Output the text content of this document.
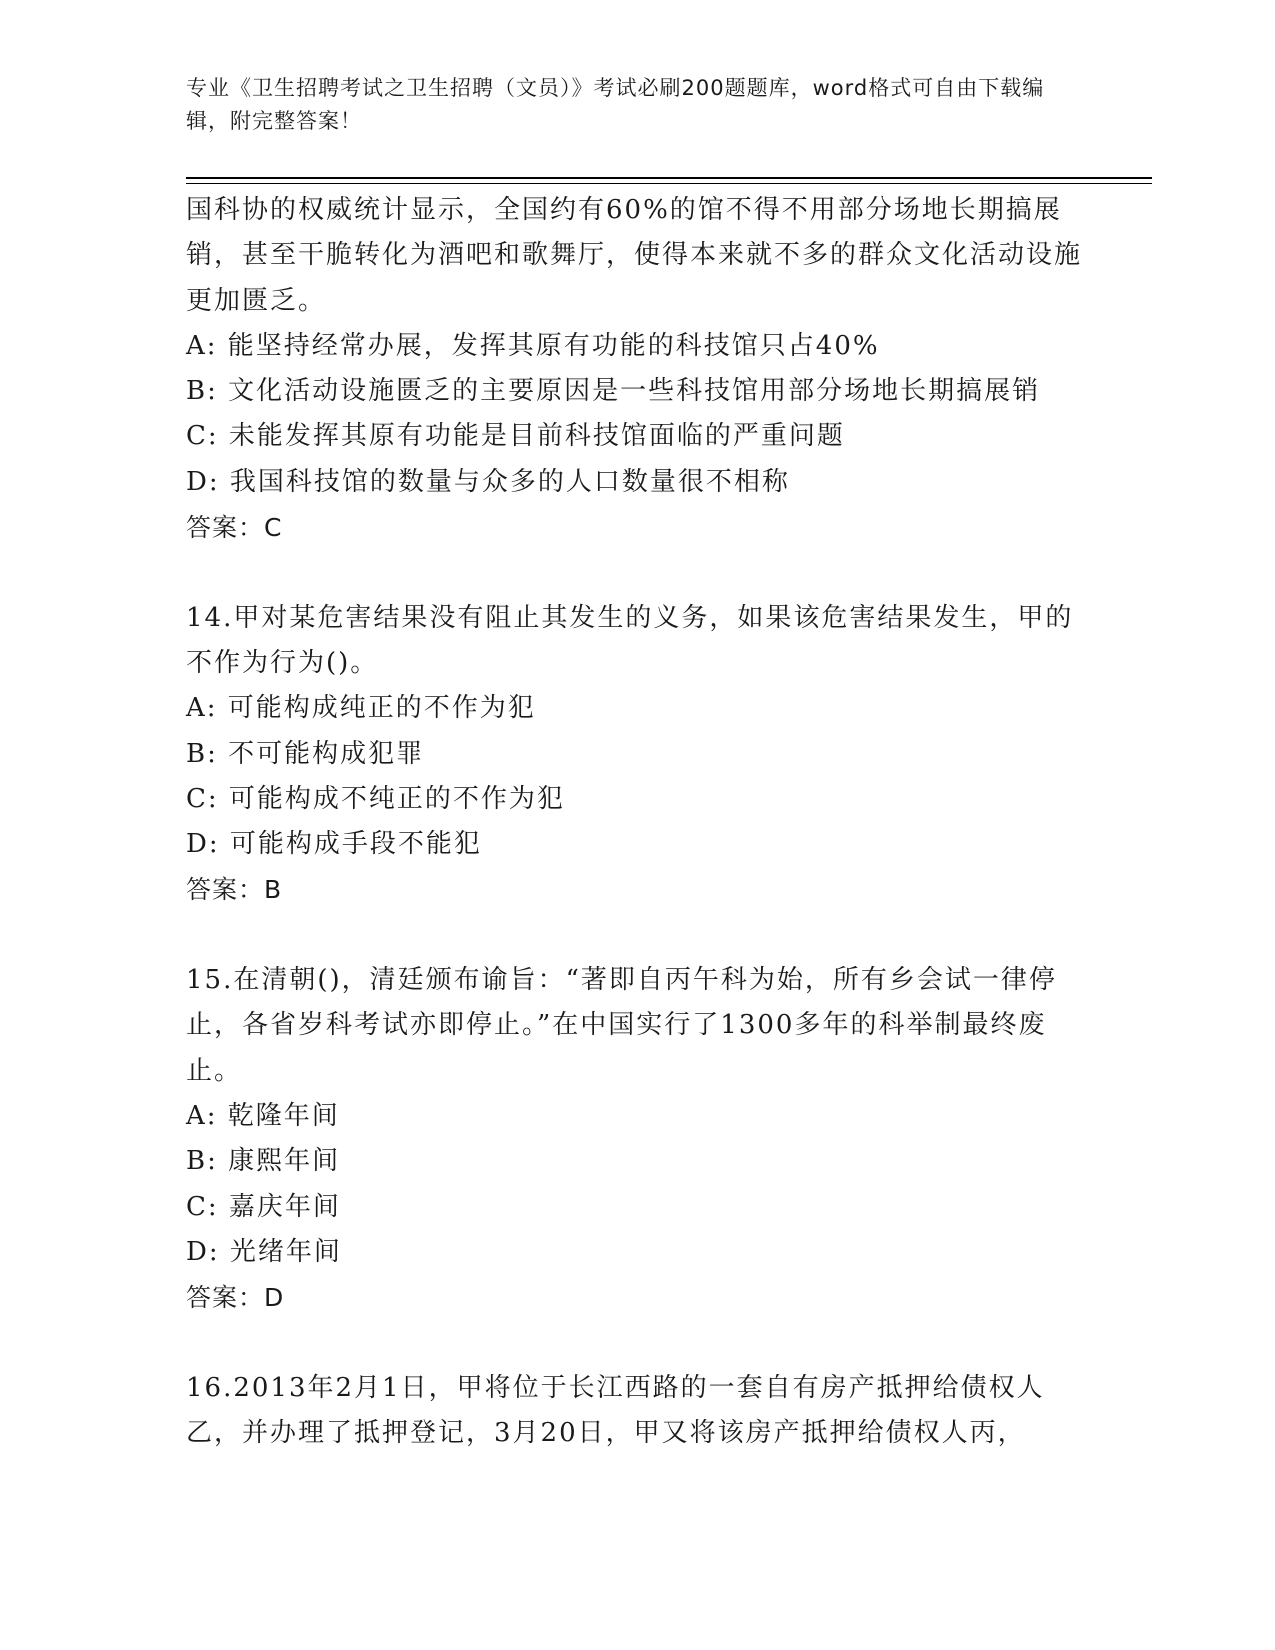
专业《卫生招聘考试之卫生招聘（文员）》考试必刷200题题库，word格式可自由下载编辑，附完整答案！

国科协的权威统计显示，全国约有60%的馆不得不用部分场地长期搞展销，甚至干脆转化为酒吧和歌舞厅，使得本来就不多的群众文化活动设施更加匮乏。

A: 能坚持经常办展，发挥其原有功能的科技馆只占40%

B: 文化活动设施匮乏的主要原因是一些科技馆用部分场地长期搞展销

C: 未能发挥其原有功能是目前科技馆面临的严重问题

D: 我国科技馆的数量与众多的人口数量很不相称

答案：C

14.甲对某危害结果没有阻止其发生的义务，如果该危害结果发生，甲的不作为行为()。

A: 可能构成纯正的不作为犯

B: 不可能构成犯罪

C: 可能构成不纯正的不作为犯

D: 可能构成手段不能犯

答案：B

15.在清朝()，清廷颁布谕旨：“著即自丙午科为始，所有乡会试一律停止，各省岁科考试亦即停止。”在中国实行了1300多年的科举制最终废止。

A: 乾隆年间

B: 康熙年间

C: 嘉庆年间

D: 光绪年间

答案：D

16.2013年2月1日，甲将位于长江西路的一套自有房产抵押给债权人乙，并办理了抵押登记，3月20日，甲又将该房产抵押给债权人丙，
